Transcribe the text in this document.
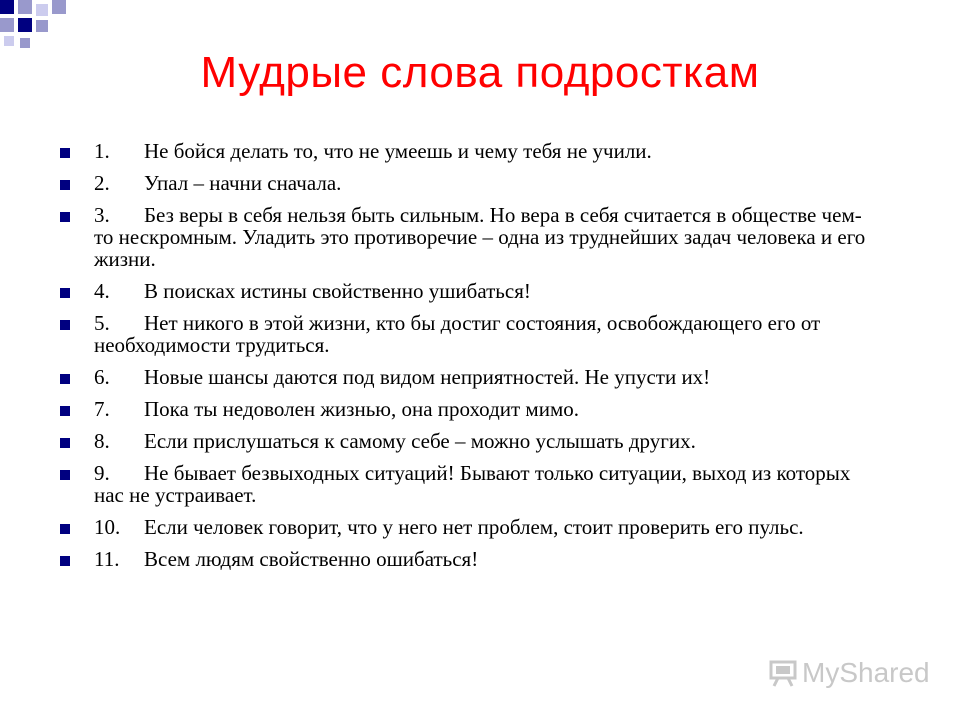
Мудрые слова подросткам
1. Не бойся делать то, что не умеешь и чему тебя не учили.
2. Упал – начни сначала.
3. Без веры в себя нельзя быть сильным. Но вера в себя считается в обществе чем-то нескромным. Уладить это противоречие – одна из труднейших задач человека и его жизни.
4. В поисках истины свойственно ушибаться!
5. Нет никого в этой жизни, кто бы достиг состояния, освобождающего его от необходимости трудиться.
6. Новые шансы даются под видом неприятностей. Не упусти их!
7. Пока ты недоволен жизнью, она проходит мимо.
8. Если прислушаться к самому себе – можно услышать других.
9. Не бывает безвыходных ситуаций! Бывают только ситуации, выход из которых нас не устраивает.
10. Если человек говорит, что у него нет проблем, стоит проверить его пульс.
11. Всем людям свойственно ошибаться!
MyShared
